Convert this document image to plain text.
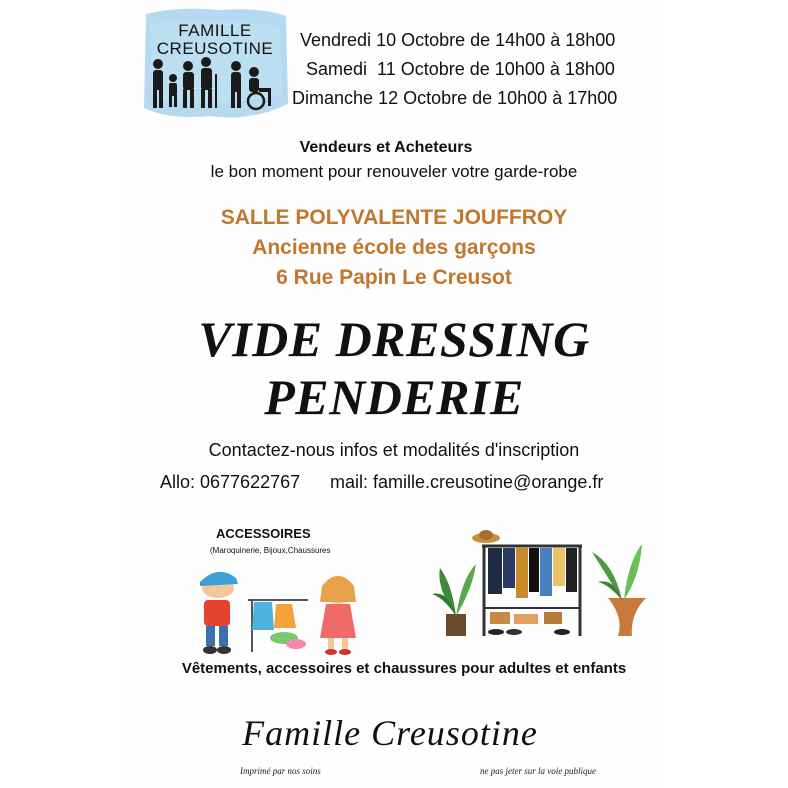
FAMILLE
CREUSOTINE	Vendredi 10 Octobre de 14h00 à 18h00
Samedi 11 Octobre de 10h00 à 18h00
Dimanche 12 Octobre de 10h00 à 17h00
Vendeurs et Acheteurs
le bon moment pour renouveler votre garde-robe
SALLE POLYVALENTE JOUFFROY
Ancienne école des garçons
6 Rue Papin Le Creusot
VIDE DRESSING
PENDERIE
Contactez-nous infos et modalités d'inscription
Allo: 0677622767 mail: famille.creusotine@orange.fr
ACCESSOIRES
(Maroquinerie, Bijoux,Chaussures
Vêtements, accessoires et chaussures pour adultes et enfants
Famille Creusotine
Imprimé par nos soins	ne pas jeter sur la voie publique
